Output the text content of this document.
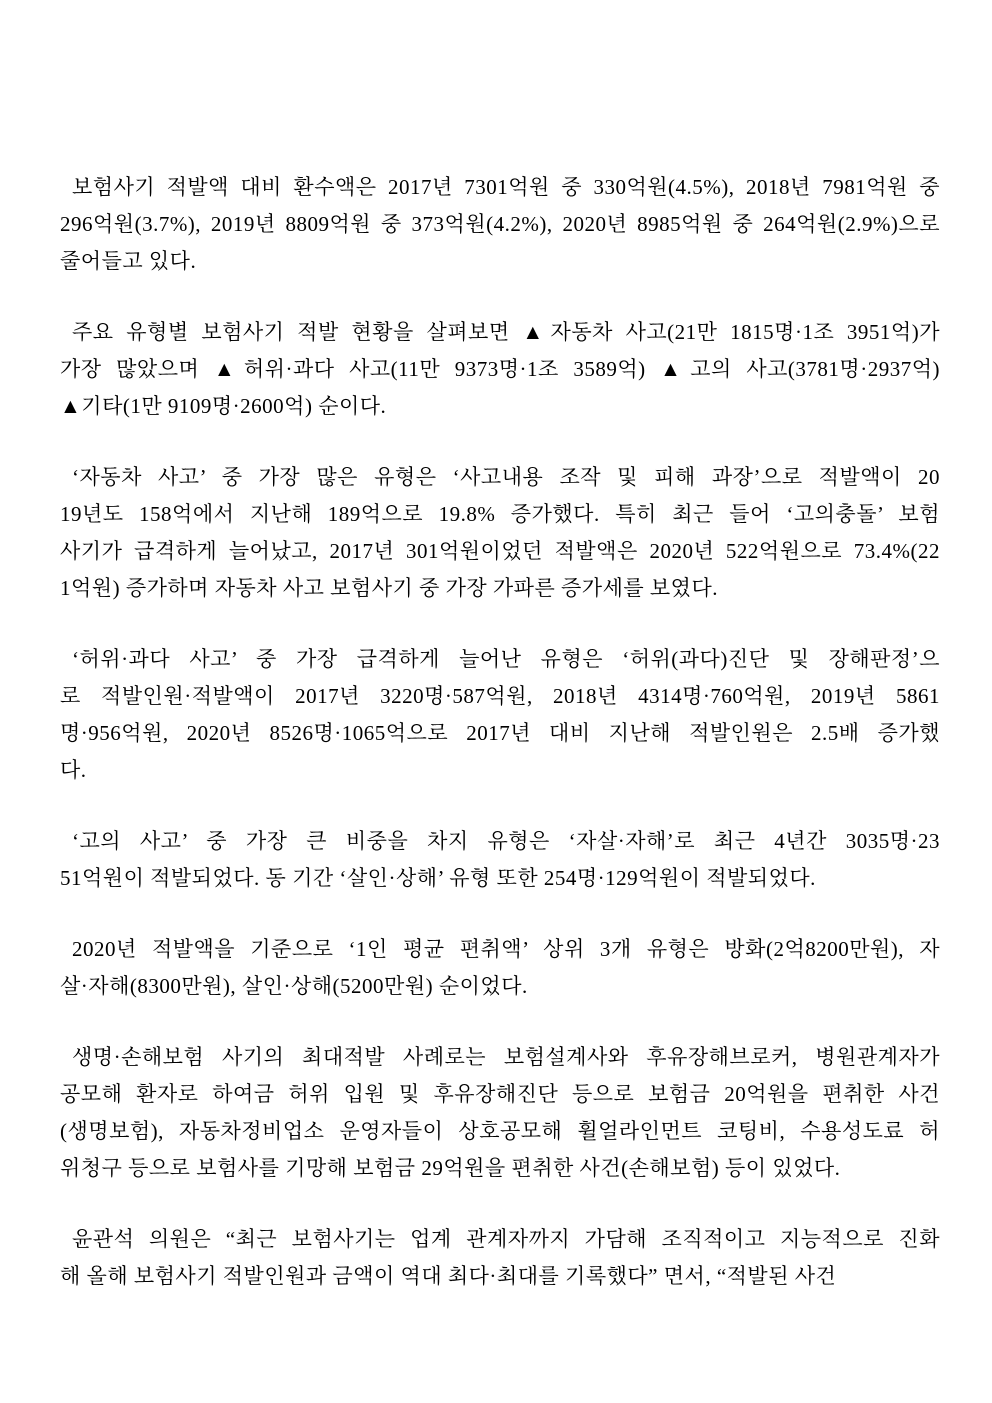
보험사기 적발액 대비 환수액은 2017년 7301억원 중 330억원(4.5%), 2018년 7981억원 중
296억원(3.7%), 2019년 8809억원 중 373억원(4.2%), 2020년 8985억원 중 264억원(2.9%)으로
줄어들고 있다.
주요 유형별 보험사기 적발 현황을 살펴보면 ▲자동차 사고(21만 1815명·1조 3951억)가
가장 많았으며 ▲허위·과다 사고(11만 9373명·1조 3589억) ▲고의 사고(3781명·2937억)
▲기타(1만 9109명·2600억) 순이다.
‘자동차 사고’ 중 가장 많은 유형은 ‘사고내용 조작 및 피해 과장’으로 적발액이 20
19년도 158억에서 지난해 189억으로 19.8% 증가했다. 특히 최근 들어 ‘고의충돌’ 보험
사기가 급격하게 늘어났고, 2017년 301억원이었던 적발액은 2020년 522억원으로 73.4%(22
1억원) 증가하며 자동차 사고 보험사기 중 가장 가파른 증가세를 보였다.
‘허위·과다 사고’ 중 가장 급격하게 늘어난 유형은 ‘허위(과다)진단 및 장해판정’으
로 적발인원·적발액이 2017년 3220명·587억원, 2018년 4314명·760억원, 2019년 5861
명·956억원, 2020년 8526명·1065억으로 2017년 대비 지난해 적발인원은 2.5배 증가했
다.
‘고의 사고’ 중 가장 큰 비중을 차지 유형은 ‘자살·자해’로 최근 4년간 3035명·23
51억원이 적발되었다. 동 기간 ‘살인·상해’ 유형 또한 254명·129억원이 적발되었다.
2020년 적발액을 기준으로 ‘1인 평균 편취액’ 상위 3개 유형은 방화(2억8200만원), 자
살·자해(8300만원), 살인·상해(5200만원) 순이었다.
생명·손해보험 사기의 최대적발 사례로는 보험설계사와 후유장해브로커, 병원관계자가
공모해 환자로 하여금 허위 입원 및 후유장해진단 등으로 보험금 20억원을 편취한 사건
(생명보험), 자동차정비업소 운영자들이 상호공모해 휠얼라인먼트 코팅비, 수용성도료 허
위청구 등으로 보험사를 기망해 보험금 29억원을 편취한 사건(손해보험) 등이 있었다.
윤관석 의원은 “최근 보험사기는 업계 관계자까지 가담해 조직적이고 지능적으로 진화
해 올해 보험사기 적발인원과 금액이 역대 최다·최대를 기록했다” 면서, “적발된 사건
